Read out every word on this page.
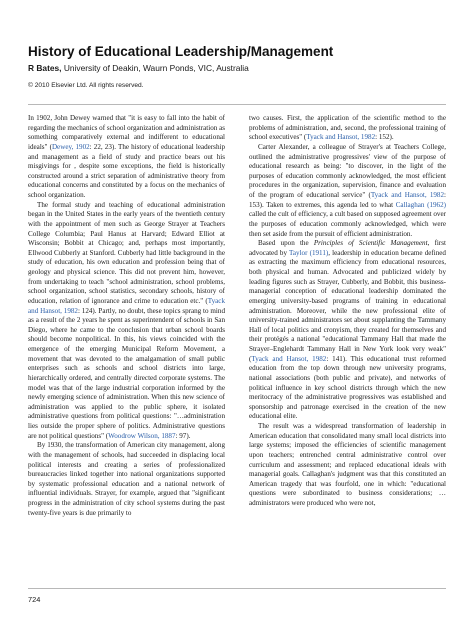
History of Educational Leadership/Management
R Bates, University of Deakin, Waurn Ponds, VIC, Australia
© 2010 Elsevier Ltd. All rights reserved.

In 1902, John Dewey warned that "it is easy to fall into the habit of regarding the mechanics of school organization and administration as something comparatively external and indifferent to educational ideals" (Dewey, 1902: 22, 23). The history of educational leadership and management as a field of study and practice bears out his misgivings for , despite some exceptions, the field is historically constructed around a strict separation of administrative theory from educational concerns and constituted by a focus on the mechanics of school organization.

The formal study and teaching of educational administration began in the United States in the early years of the twentieth century with the appointment of men such as George Strayer at Teachers College Columbia; Paul Hanus at Harvard; Edward Elliot at Wisconsin; Bobbit at Chicago; and, perhaps most importantly, Ellwood Cubberly at Stanford. Cubberly had little background in the study of education, his own education and profession being that of geology and physical science. This did not prevent him, however, from undertaking to teach "school administration, school problems, school organization, school statistics, secondary schools, history of education, relation of ignorance and crime to education etc." (Tyack and Hansot, 1982: 124). Partly, no doubt, these topics sprang to mind as a result of the 2 years he spent as superintendent of schools in San Diego, where he came to the conclusion that urban school boards should become nonpolitical. In this, his views coincided with the emergence of the emerging Municipal Reform Movement, a movement that was devoted to the amalgamation of small public enterprises such as schools and school districts into large, hierarchically ordered, and centrally directed corporate systems. The model was that of the large industrial corporation informed by the newly emerging science of administration. When this new science of administration was applied to the public sphere, it isolated administrative questions from political questions: "…administration lies outside the proper sphere of politics. Administrative questions are not political questions" (Woodrow Wilson, 1887: 97).

By 1930, the transformation of American city management, along with the management of schools, had succeeded in displacing local political interests and creating a series of professionalized bureaucracies linked together into national organizations supported by systematic professional education and a national network of influential individuals. Strayer, for example, argued that "significant progress in the administration of city school systems during the past twenty-five years is due primarily to

two causes. First, the application of the scientific method to the problems of administration, and, second, the professional training of school executives" (Tyack and Hansot, 1982: 152).

Carter Alexander, a colleague of Strayer's at Teachers College, outlined the administrative progressives' view of the purpose of educational research as being: "to discover, in the light of the purposes of education commonly acknowledged, the most efficient procedures in the organization, supervision, finance and evaluation of the program of educational service" (Tyack and Hansot, 1982: 153). Taken to extremes, this agenda led to what Callaghan (1962) called the cult of efficiency, a cult based on supposed agreement over the purposes of education commonly acknowledged, which were then set aside from the pursuit of efficient administration.

Based upon the Principles of Scientific Management, first advocated by Taylor (1911), leadership in education became defined as extracting the maximum efficiency from educational resources, both physical and human. Advocated and publicized widely by leading figures such as Strayer, Cubberly, and Bobbit, this business-managerial conception of educational leadership dominated the emerging university-based programs of training in educational administration. Moreover, while the new professional elite of university-trained administrators set about supplanting the Tammany Hall of local politics and cronyism, they created for themselves and their protégés a national "educational Tammany Hall that made the Strayer–Englehardt Tammany Hall in New York look very weak" (Tyack and Hansot, 1982: 141). This educational trust reformed education from the top down through new university programs, national associations (both public and private), and networks of political influence in key school districts through which the new meritocracy of the administrative progressives was established and sponsorship and patronage exercised in the creation of the new educational elite.

The result was a widespread transformation of leadership in American education that consolidated many small local districts into large systems; imposed the efficiencies of scientific management upon teachers; entrenched central administrative control over curriculum and assessment; and replaced educational ideals with managerial goals. Callaghan's judgment was that this constituted an American tragedy that was fourfold, one in which: "educational questions were subordinated to business considerations; … administrators were produced who were not,

724
